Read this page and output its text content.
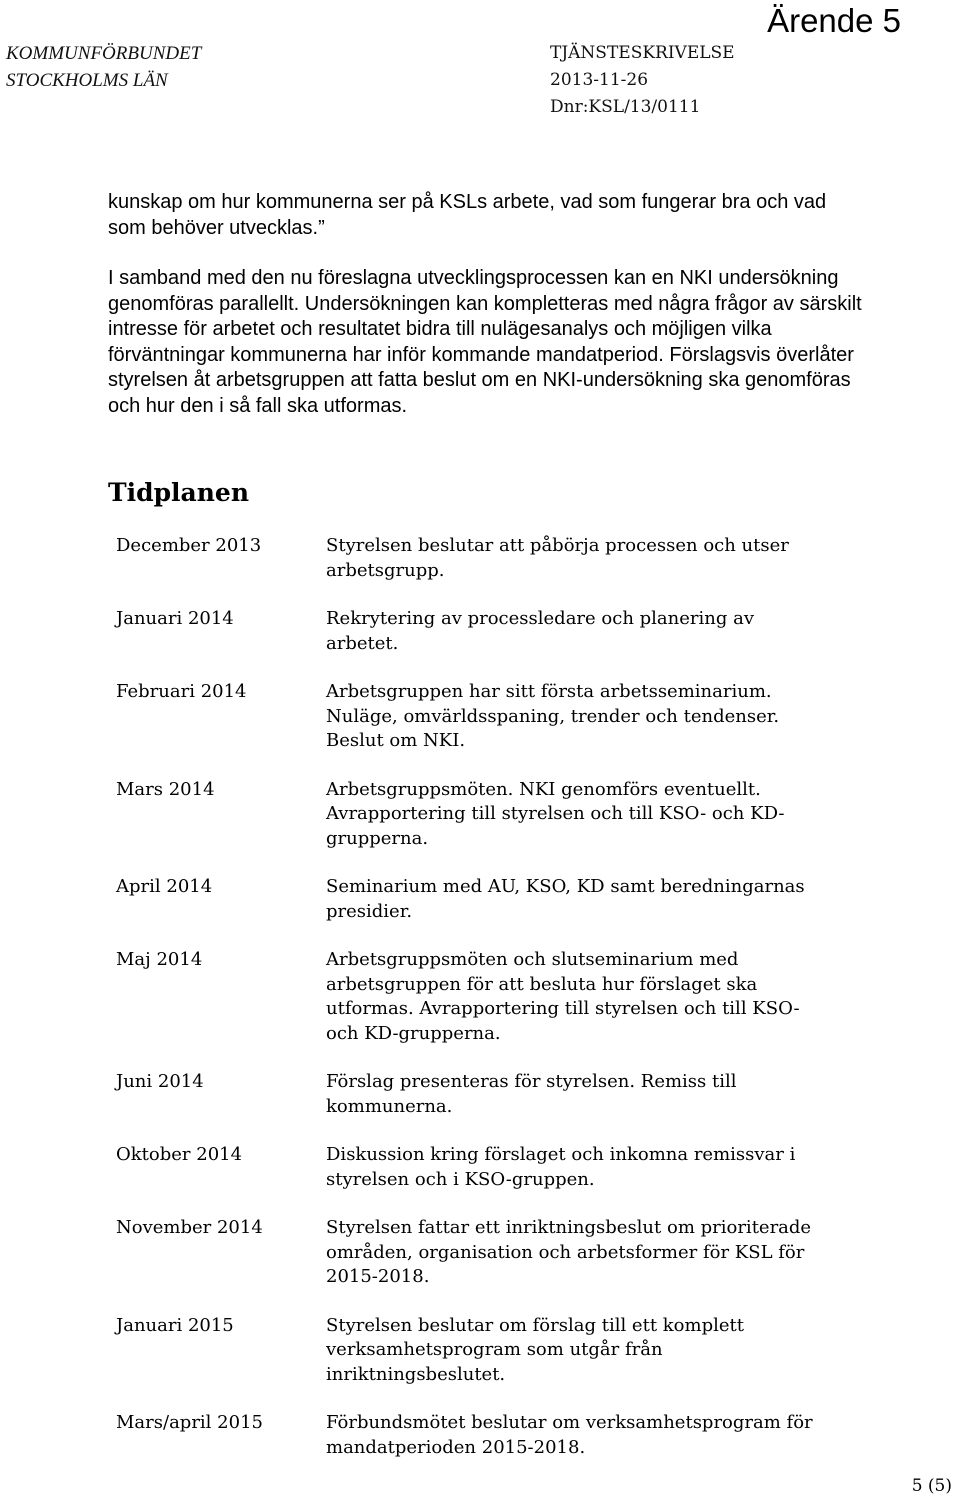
KOMMUNFÖRBUNDET
STOCKHOLMS LÄN
TJÄNSTESKRIVELSE
2013-11-26
Dnr:KSL/13/0111
Ärende 5

kunskap om hur kommunerna ser på KSLs arbete, vad som fungerar bra och vad som behöver utvecklas.”

I samband med den nu föreslagna utvecklingsprocessen kan en NKI undersökning genomföras parallellt. Undersökningen kan kompletteras med några frågor av särskilt intresse för arbetet och resultatet bidra till nulägesanalys och möjligen vilka förväntningar kommunerna har inför kommande mandatperiod. Förslagsvis överlåter styrelsen åt arbetsgruppen att fatta beslut om en NKI-undersökning ska genomföras och hur den i så fall ska utformas.

Tidplanen
December 2013	Styrelsen beslutar att påbörja processen och utser arbetsgrupp.
Januari 2014	Rekrytering av processledare och planering av arbetet.
Februari 2014	Arbetsgruppen har sitt första arbetsseminarium. Nuläge, omvärldsspaning, trender och tendenser. Beslut om NKI.
Mars 2014	Arbetsgruppsmöten. NKI genomförs eventuellt. Avrapportering till styrelsen och till KSO- och KD-grupperna.
April 2014	Seminarium med AU, KSO, KD samt beredningarnas presidier.
Maj 2014	Arbetsgruppsmöten och slutseminarium med arbetsgruppen för att besluta hur förslaget ska utformas. Avrapportering till styrelsen och till KSO- och KD-grupperna.
Juni 2014	Förslag presenteras för styrelsen. Remiss till kommunerna.
Oktober 2014	Diskussion kring förslaget och inkomna remissvar i styrelsen och i KSO-gruppen.
November 2014	Styrelsen fattar ett inriktningsbeslut om prioriterade områden, organisation och arbetsformer för KSL för 2015-2018.
Januari 2015	Styrelsen beslutar om förslag till ett komplett verksamhetsprogram som utgår från inriktningsbeslutet.
Mars/april 2015	Förbundsmötet beslutar om verksamhetsprogram för mandatperioden 2015-2018.
5 (5)
